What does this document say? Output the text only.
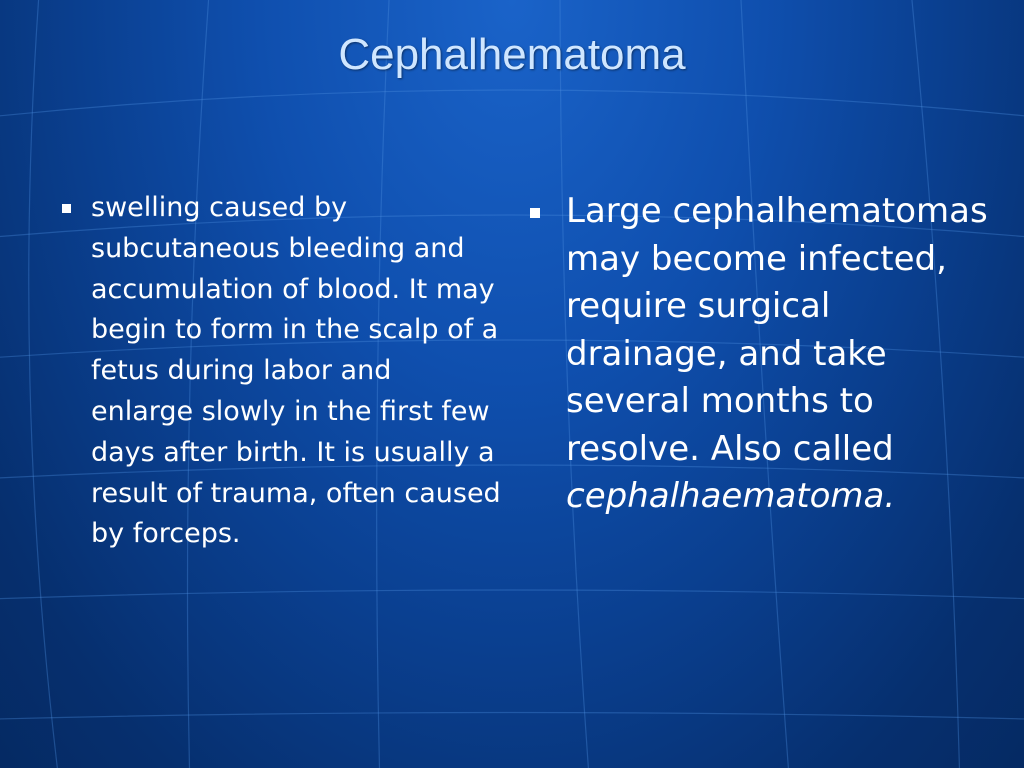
Cephalhematoma
swelling caused by subcutaneous bleeding and accumulation of blood. It may begin to form in the scalp of a fetus during labor and enlarge slowly in the first few days after birth. It is usually a result of trauma, often caused by forceps.
Large cephalhematomas may become infected, require surgical drainage, and take several months to resolve. Also called cephalhaematoma.
